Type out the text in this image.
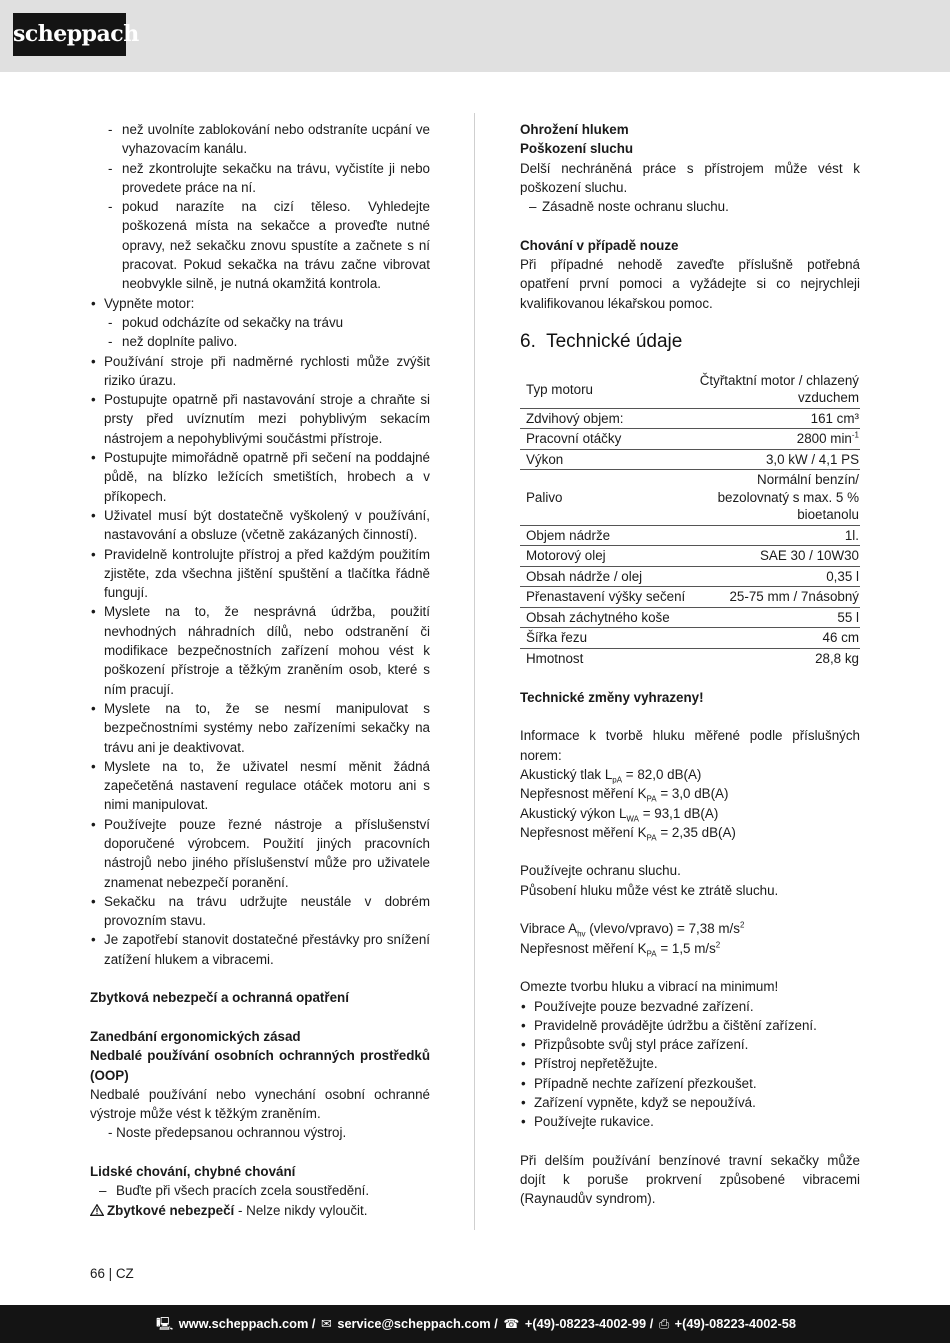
scheppach
- než uvolníte zablokování nebo odstraníte ucpání ve vyhazovacím kanálu.
- než zkontrolujte sekačku na trávu, vyčistíte ji nebo provedete práce na ní.
- pokud narazíte na cizí těleso. Vyhledejte poškozená místa na sekačce a proveďte nutné opravy, než sekačku znovu spustíte a začnete s ní pracovat. Pokud sekačka na trávu začne vibrovat neobvykle silně, je nutná okamžitá kontrola.
• Vypněte motor:
- pokud odcházíte od sekačky na trávu
- než doplníte palivo.
• Používání stroje při nadměrné rychlosti může zvýšit riziko úrazu.
• Postupujte opatrně při nastavování stroje a chraňte si prsty před uvíznutím mezi pohyblivým sekacím nástrojem a nepohyblivými součástmi přístroje.
• Postupujte mimořádně opatrně při sečení na poddajné půdě, na blízko ležících smetištích, hrobech a v příkopech.
• Uživatel musí být dostatečně vyškolený v používání, nastavování a obsluze (včetně zakázaných činností).
• Pravidelně kontrolujte přístroj a před každým použitím zjistěte, zda všechna jištění spuštění a tlačítka řádně fungují.
• Myslete na to, že nesprávná údržba, použití nevhodných náhradních dílů, nebo odstranění či modifikace bezpečnostních zařízení mohou vést k poškození přístroje a těžkým zraněním osob, které s ním pracují.
• Myslete na to, že se nesmí manipulovat s bezpečnostními systémy nebo zařízeními sekačky na trávu ani je deaktivovat.
• Myslete na to, že uživatel nesmí měnit žádná zapečetěná nastavení regulace otáček motoru ani s nimi manipulovat.
• Používejte pouze řezné nástroje a příslušenství doporučené výrobcem. Použití jiných pracovních nástrojů nebo jiného příslušenství může pro uživatele znamenat nebezpečí poranění.
• Sekačku na trávu udržujte neustále v dobrém provozním stavu.
• Je zapotřebí stanovit dostatečné přestávky pro snížení zatížení hlukem a vibracemi.

Zbytková nebezpečí a ochranná opatření

Zanedbání ergonomických zásad

Nedbalé používání osobních ochranných prostředků (OOP)

Nedbalé používání nebo vynechání osobní ochranné výstroje může vést k těžkým zraněním.

- Noste předepsanou ochrannou výstroj.

Lidské chování, chybné chování

– Buďte při všech pracích zcela soustředění.

Zbytkové nebezpečí - Nelze nikdy vyloučit.

Ohrožení hlukem

Poškození sluchu

Delší nechráněná práce s přístrojem může vést k poškození sluchu.

– Zásadně noste ochranu sluchu.

Chování v případě nouze

Při případné nehodě zaveďte příslušně potřebná opatření první pomoci a vyžádejte si co nejrychleji kvalifikovanou lékařskou pomoc.

6. Technické údaje
Typ motoru	Čtyřtaktní motor / chlazený vzduchem
Zdvihový objem:	161 cm³
Pracovní otáčky	2800 $\min^{-1}$
Výkon	3,0 kW / 4,1 PS
Palivo	Normální benzín/ bezolovnatý s max. 5 % bioetanolu
Objem nádrže	1l.
Motorový olej	SAE 30 / 10W30
Obsah nádrže / olej	0,35 l
Přenastavení výšky sečení	25-75 mm / 7násobný
Obsah záchytného koše	55 l
Šířka řezu	46 cm
Hmotnost	28,8 kg

Technické změny vyhrazeny!

Informace k tvorbě hluku měřené podle příslušných norem:

Akustický tlak $L_{pA} = 82,0$ dB(A)

Nepřesnost měření $K_{PA} = 3,0$ dB(A)

Akustický výkon $L_{WA} = 93,1$ dB(A)

Nepřesnost měření $K_{PA} = 2,35$ dB(A)

Používejte ochranu sluchu.

Působení hluku může vést ke ztrátě sluchu.

Vibrace $A_{hv}$ (vlevo/vpravo) = 7,38 $m/s^2$

Nepřesnost měření $K_{PA} = 1,5$ $m/s^2$

Omezte tvorbu hluku a vibrací na minimum!

• Používejte pouze bezvadné zařízení.
• Pravidelně provádějte údržbu a čištění zařízení.
• Přizpůsobte svůj styl práce zařízení.
• Přístroj nepřetěžujte.
• Případně nechte zařízení přezkoušet.
• Zařízení vypněte, když se nepoužívá.
• Používejte rukavice.

Při delším používání benzínové travní sekačky může dojít k poruše prokrvení způsobené vibracemi (Raynaudův syndrom).

66 | CZ
🖳 www.scheppach.com / ✉ service@scheppach.com / ☎ +(49)-08223-4002-99 / ⎙ +(49)-08223-4002-58
